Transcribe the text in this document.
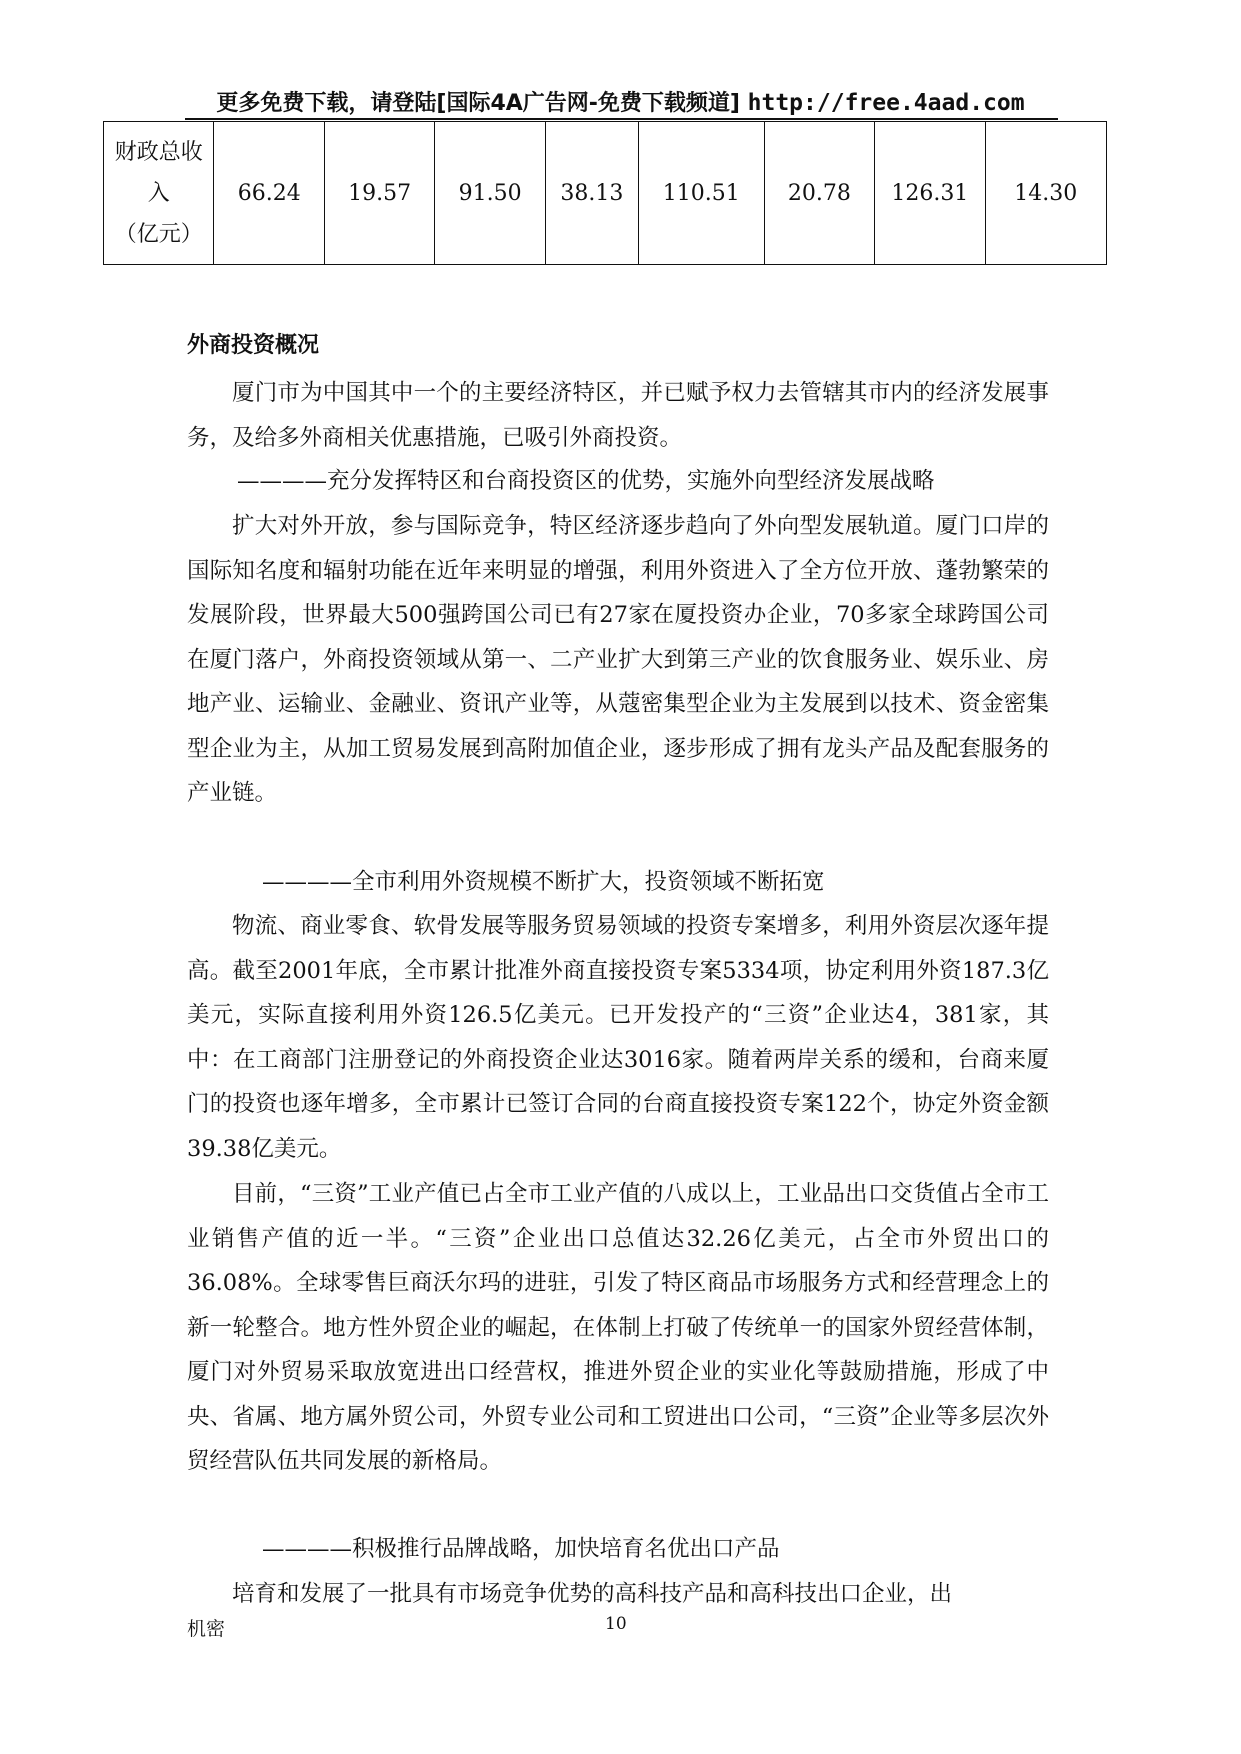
更多免费下载，请登陆[国际4A广告网-免费下载频道] http://free.4aad.com
财政总收
入
（亿元）
	66.24	19.57	91.50	38.13	110.51	20.78	126.31	14.30
外商投资概况

厦门市为中国其中一个的主要经济特区，并已赋予权力去管辖其市内的经济发展事务，及给多外商相关优惠措施，已吸引外商投资。

————充分发挥特区和台商投资区的优势，实施外向型经济发展战略

扩大对外开放，参与国际竞争，特区经济逐步趋向了外向型发展轨道。厦门口岸的国际知名度和辐射功能在近年来明显的增强，利用外资进入了全方位开放、蓬勃繁荣的发展阶段，世界最大500强跨国公司已有27家在厦投资办企业，70多家全球跨国公司在厦门落户，外商投资领域从第一、二产业扩大到第三产业的饮食服务业、娱乐业、房地产业、运输业、金融业、资讯产业等，从蔻密集型企业为主发展到以技术、资金密集型企业为主，从加工贸易发展到高附加值企业，逐步形成了拥有龙头产品及配套服务的产业链。

————全市利用外资规模不断扩大，投资领域不断拓宽

物流、商业零食、软骨发展等服务贸易领域的投资专案增多，利用外资层次逐年提高。截至2001年底，全市累计批准外商直接投资专案5334项，协定利用外资187.3亿美元，实际直接利用外资126.5亿美元。已开发投产的“三资”企业达4，381家，其中：在工商部门注册登记的外商投资企业达3016家。随着两岸关系的缓和，台商来厦门的投资也逐年增多，全市累计已签订合同的台商直接投资专案122个，协定外资金额39.38亿美元。

目前，“三资”工业产值已占全市工业产值的八成以上，工业品出口交货值占全市工业销售产值的近一半。“三资”企业出口总值达32.26亿美元，占全市外贸出口的36.08%。全球零售巨商沃尔玛的进驻，引发了特区商品市场服务方式和经营理念上的新一轮整合。地方性外贸企业的崛起，在体制上打破了传统单一的国家外贸经营体制，厦门对外贸易采取放宽进出口经营权，推进外贸企业的实业化等鼓励措施，形成了中央、省属、地方属外贸公司，外贸专业公司和工贸进出口公司，“三资”企业等多层次外贸经营队伍共同发展的新格局。

————积极推行品牌战略，加快培育名优出口产品

培育和发展了一批具有市场竞争优势的高科技产品和高科技出口企业，出

机密	10
